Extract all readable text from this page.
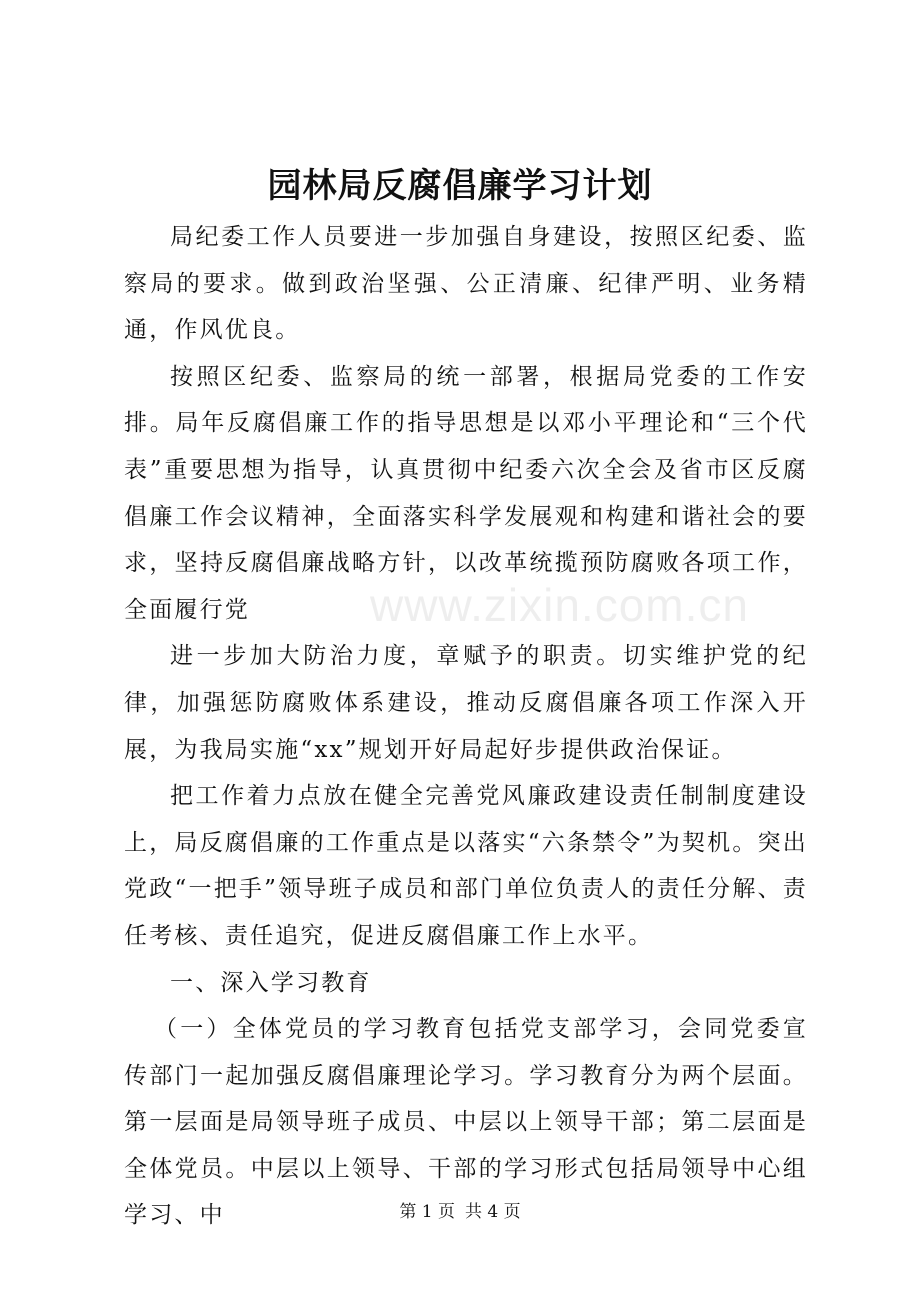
园林局反腐倡廉学习计划

局纪委工作人员要进一步加强自身建设，按照区纪委、监察局的要求。做到政治坚强、公正清廉、纪律严明、业务精通，作风优良。

按照区纪委、监察局的统一部署，根据局党委的工作安排。局年反腐倡廉工作的指导思想是以邓小平理论和“三个代表”重要思想为指导，认真贯彻中纪委六次全会及省市区反腐倡廉工作会议精神，全面落实科学发展观和构建和谐社会的要求，坚持反腐倡廉战略方针，以改革统揽预防腐败各项工作，全面履行党

进一步加大防治力度，章赋予的职责。切实维护党的纪律，加强惩防腐败体系建设，推动反腐倡廉各项工作深入开展，为我局实施“xx”规划开好局起好步提供政治保证。

把工作着力点放在健全完善党风廉政建设责任制制度建设上，局反腐倡廉的工作重点是以落实“六条禁令”为契机。突出党政“一把手”领导班子成员和部门单位负责人的责任分解、责任考核、责任追究，促进反腐倡廉工作上水平。

一、深入学习教育

（一）全体党员的学习教育包括党支部学习，会同党委宣传部门一起加强反腐倡廉理论学习。学习教育分为两个层面。第一层面是局领导班子成员、中层以上领导干部；第二层面是全体党员。中层以上领导、干部的学习形式包括局领导中心组学习、中

www.zixin.com.cn
第 1 页 共 4 页
